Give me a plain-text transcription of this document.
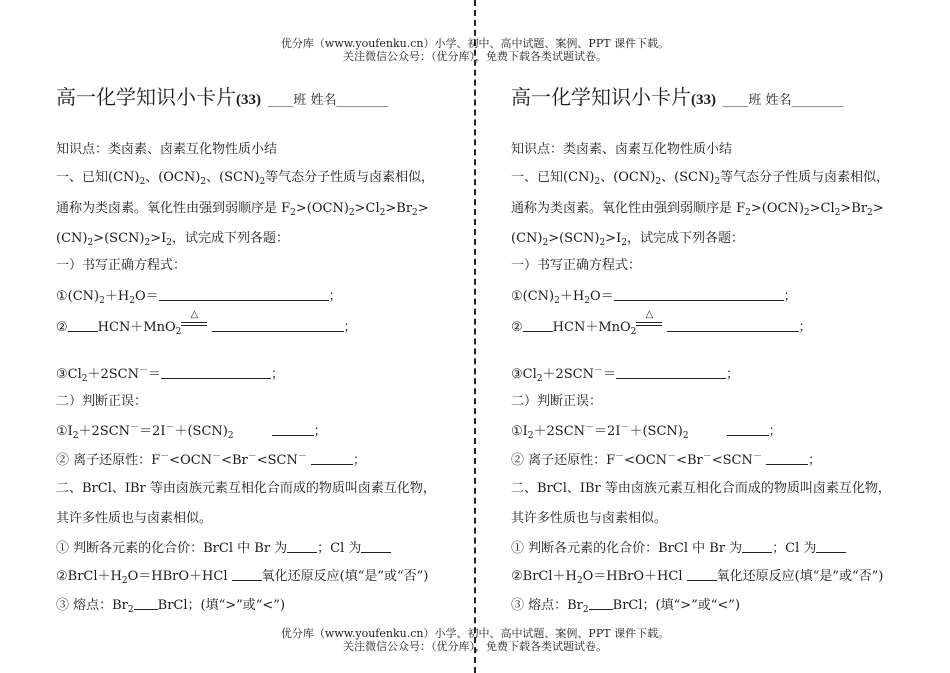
优分库（www.youfenku.cn）小学、初中、高中试题、案例、PPT 课件下载。
关注微信公众号：（优分库），免费下载各类试题试卷。
高一化学知识小卡片(33) ____班 姓名________
知识点：类卤素、卤素互化物性质小结
一、已知$(CN)_2$、$(OCN)_2$、$(SCN)_2$等气态分子性质与卤素相似，
通称为类卤素。氧化性由强到弱顺序是 $F_2>(OCN)_2>Cl_2>Br_2>$
$(CN)_2>(SCN)_2>I_2$，试完成下列各题：
一）书写正确方程式：
$①(CN)_2+H_2O=$	；
② HCN＋MnO$_2$
△
；
$③Cl_2+2SCN^-=$	；
二）判断正误：
$①I_2+2SCN^-=2I^-+(SCN)_2$	；
② 离子还原性：F－<OCN－<Br－<SCN－	；
二、BrCl、IBr 等由卤族元素互相化合而成的物质叫卤素互化物，
其许多性质也与卤素相似。
① 判断各元素的化合价：BrCl 中 Br 为 ；Cl 为
$②BrCl+H_2O=HBrO+HCl$	氧化还原反应(填“是”或“否”)
③ 熔点：$Br_2$ BrCl；(填“>”或“<”)
高一化学知识小卡片(33) ____班 姓名________
知识点：类卤素、卤素互化物性质小结
一、已知$(CN)_2$、$(OCN)_2$、$(SCN)_2$等气态分子性质与卤素相似，
通称为类卤素。氧化性由强到弱顺序是 $F_2>(OCN)_2>Cl_2>Br_2>$
$(CN)_2>(SCN)_2>I_2$，试完成下列各题：
一）书写正确方程式：
$①(CN)_2+H_2O=$	；
② HCN＋MnO$_2$
△
；
$③Cl_2+2SCN^-=$	；
二）判断正误：
$①I_2+2SCN^-=2I^-+(SCN)_2$	；
② 离子还原性：F－<OCN－<Br－<SCN－	；
二、BrCl、IBr 等由卤族元素互相化合而成的物质叫卤素互化物，
其许多性质也与卤素相似。
① 判断各元素的化合价：BrCl 中 Br 为 ；Cl 为
$②BrCl+H_2O=HBrO+HCl$	氧化还原反应(填“是”或“否”)
③ 熔点：$Br_2$ BrCl；(填“>”或“<”)
优分库（www.youfenku.cn）小学、初中、高中试题、案例、PPT 课件下载。
关注微信公众号：（优分库），免费下载各类试题试卷。
